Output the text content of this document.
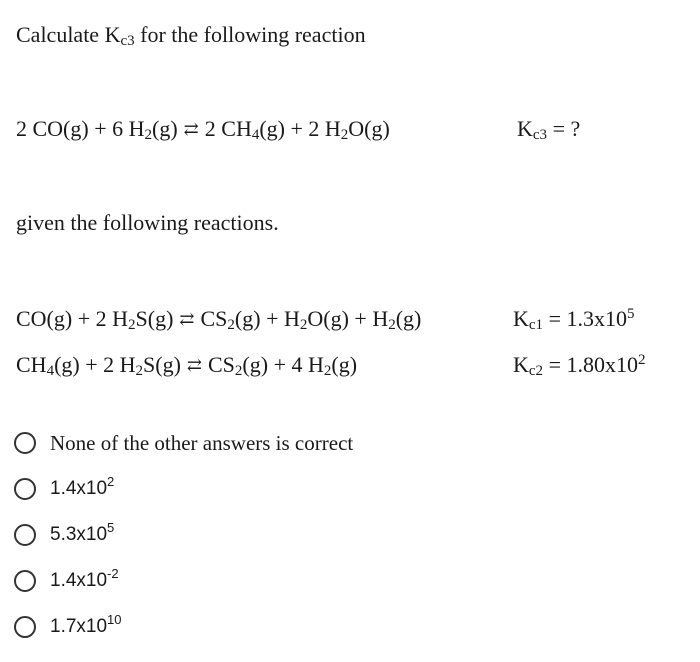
Calculate $K_{c3}$ for the following reaction
2 CO(g) + 6 $H_2(g)$ ⇄ 2 $CH_4(g) + 2$ $H_2O(g)$	$K_{c3}$ = ?
given the following reactions.
CO(g) + 2 $H_2S(g)$ ⇄ $CS_2(g) + H_2O(g) + H_2(g)$	$K_{c1} = 1.3x10^5$
$CH_4(g) + 2$ $H_2S(g)$ ⇄ $CS_2(g) + 4$ $H_2(g)$	$K_{c2} = 1.80x10^2$
None of the other answers is correct
$1.4x10^2$
$5.3x10^5$
$1.4x10^{-2}$
$1.7x10^{10}$
